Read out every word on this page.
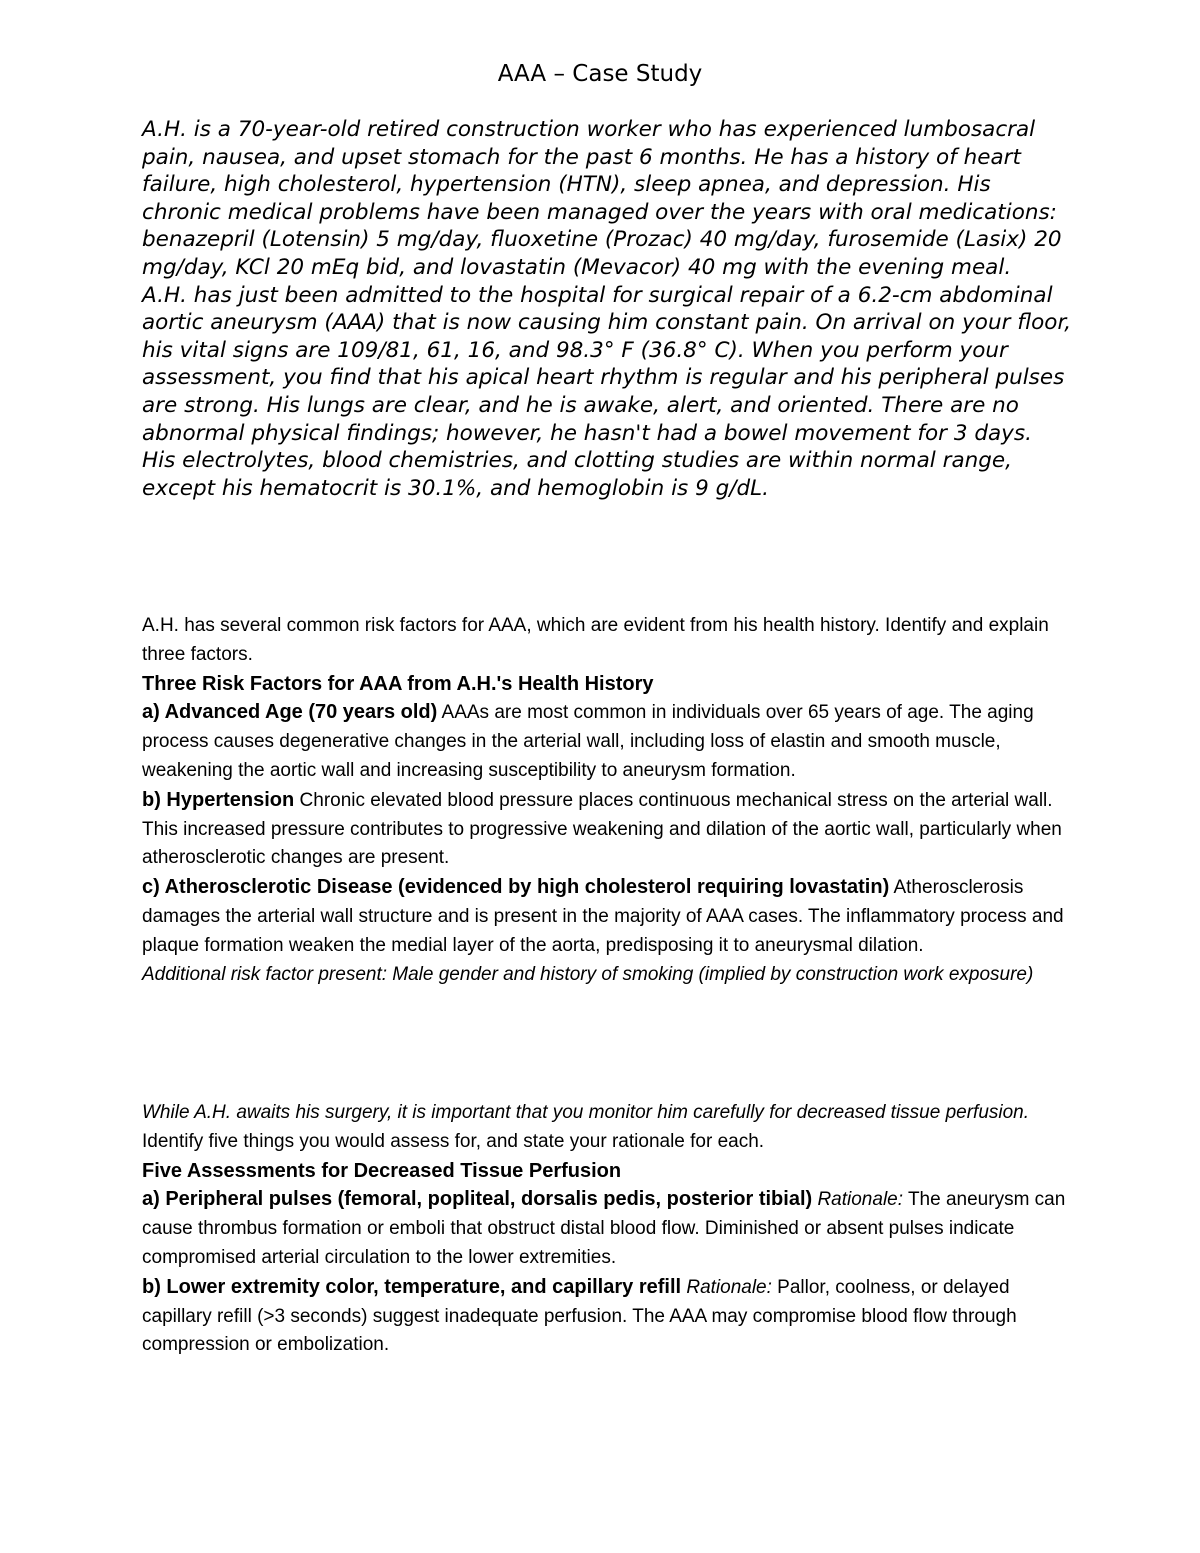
AAA – Case Study

A.H. is a 70-year-old retired construction worker who has experienced lumbosacral pain, nausea, and upset stomach for the past 6 months. He has a history of heart failure, high cholesterol, hypertension (HTN), sleep apnea, and depression. His chronic medical problems have been managed over the years with oral medications: benazepril (Lotensin) 5 mg/day, fluoxetine (Prozac) 40 mg/day, furosemide (Lasix) 20 mg/day, KCl 20 mEq bid, and lovastatin (Mevacor) 40 mg with the evening meal.

A.H. has just been admitted to the hospital for surgical repair of a 6.2-cm abdominal aortic aneurysm (AAA) that is now causing him constant pain. On arrival on your floor, his vital signs are 109/81, 61, 16, and 98.3° F (36.8° C). When you perform your assessment, you find that his apical heart rhythm is regular and his peripheral pulses are strong. His lungs are clear, and he is awake, alert, and oriented. There are no abnormal physical findings; however, he hasn't had a bowel movement for 3 days. His electrolytes, blood chemistries, and clotting studies are within normal range, except his hematocrit is 30.1%, and hemoglobin is 9 g/dL.

A.H. has several common risk factors for AAA, which are evident from his health history. Identify and explain three factors.

Three Risk Factors for AAA from A.H.'s Health History

a) Advanced Age (70 years old) AAAs are most common in individuals over 65 years of age. The aging process causes degenerative changes in the arterial wall, including loss of elastin and smooth muscle, weakening the aortic wall and increasing susceptibility to aneurysm formation.

b) Hypertension Chronic elevated blood pressure places continuous mechanical stress on the arterial wall. This increased pressure contributes to progressive weakening and dilation of the aortic wall, particularly when atherosclerotic changes are present.

c) Atherosclerotic Disease (evidenced by high cholesterol requiring lovastatin) Atherosclerosis damages the arterial wall structure and is present in the majority of AAA cases. The inflammatory process and plaque formation weaken the medial layer of the aorta, predisposing it to aneurysmal dilation.

Additional risk factor present: Male gender and history of smoking (implied by construction work exposure)

While A.H. awaits his surgery, it is important that you monitor him carefully for decreased tissue perfusion.

Identify five things you would assess for, and state your rationale for each.

Five Assessments for Decreased Tissue Perfusion

a) Peripheral pulses (femoral, popliteal, dorsalis pedis, posterior tibial) Rationale: The aneurysm can cause thrombus formation or emboli that obstruct distal blood flow. Diminished or absent pulses indicate compromised arterial circulation to the lower extremities.

b) Lower extremity color, temperature, and capillary refill Rationale: Pallor, coolness, or delayed capillary refill (>3 seconds) suggest inadequate perfusion. The AAA may compromise blood flow through compression or embolization.
